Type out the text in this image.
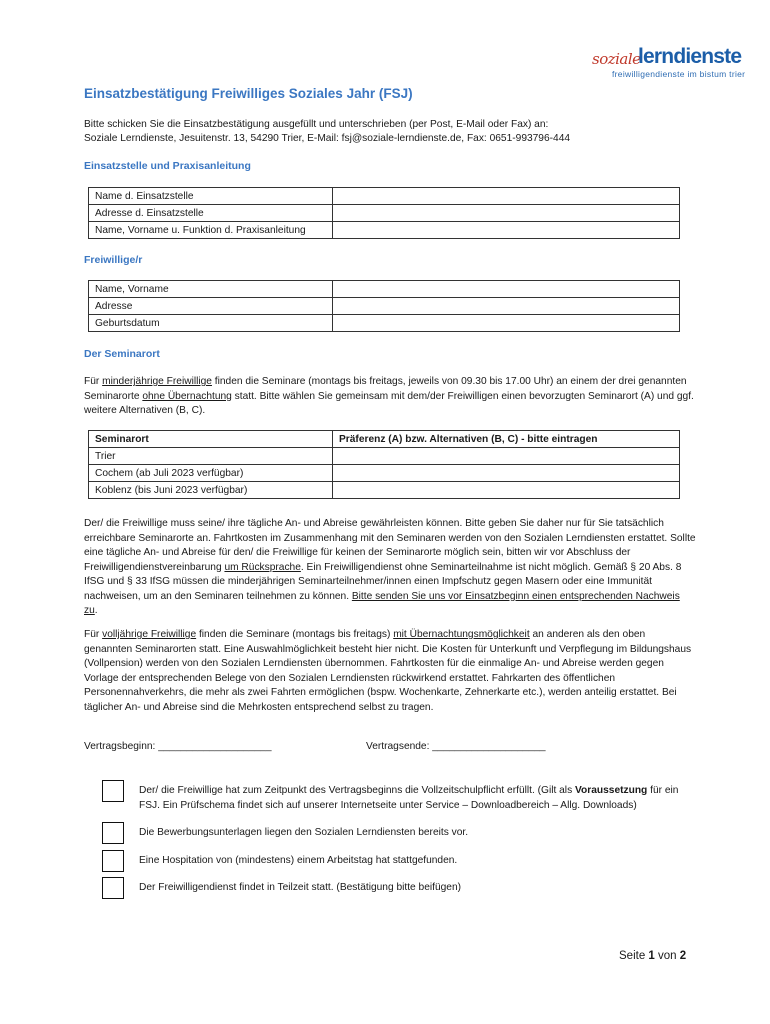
soziale
lerndienste
freiwilligendienste im bistum trier
Einsatzbestätigung Freiwilliges Soziales Jahr (FSJ)
Bitte schicken Sie die Einsatzbestätigung ausgefüllt und unterschrieben (per Post, E-Mail oder Fax) an:
Soziale Lerndienste, Jesuitenstr. 13, 54290 Trier, E-Mail: fsj@soziale-lerndienste.de, Fax: 0651-993796-444
Einsatzstelle und Praxisanleitung
Name d. Einsatzstelle	
Adresse d. Einsatzstelle	
Name, Vorname u. Funktion d. Praxisanleitung	
Freiwillige/r
Name, Vorname	
Adresse	
Geburtsdatum	
Der Seminarort
Für minderjährige Freiwillige finden die Seminare (montags bis freitags, jeweils von 09.30 bis 17.00 Uhr) an einem der drei genannten Seminarorte ohne Übernachtung statt. Bitte wählen Sie gemeinsam mit dem/der Freiwilligen einen bevorzugten Seminarort (A) und ggf. weitere Alternativen (B, C).
Seminarort	Präferenz (A) bzw. Alternativen (B, C) - bitte eintragen
Trier	
Cochem (ab Juli 2023 verfügbar)	
Koblenz (bis Juni 2023 verfügbar)	
Der/ die Freiwillige muss seine/ ihre tägliche An- und Abreise gewährleisten können. Bitte geben Sie daher nur für Sie tatsächlich erreichbare Seminarorte an. Fahrtkosten im Zusammenhang mit den Seminaren werden von den Sozialen Lerndiensten erstattet. Sollte eine tägliche An- und Abreise für den/ die Freiwillige für keinen der Seminarorte möglich sein, bitten wir vor Abschluss der Freiwilligendienstvereinbarung um Rücksprache. Ein Freiwilligendienst ohne Seminarteilnahme ist nicht möglich. Gemäß § 20 Abs. 8 IfSG und § 33 IfSG müssen die minderjährigen Seminarteilnehmer/innen einen Impfschutz gegen Masern oder eine Immunität nachweisen, um an den Seminaren teilnehmen zu können. Bitte senden Sie uns vor Einsatzbeginn einen entsprechenden Nachweis zu.
Für volljährige Freiwillige finden die Seminare (montags bis freitags) mit Übernachtungsmöglichkeit an anderen als den oben genannten Seminarorten statt. Eine Auswahlmöglichkeit besteht hier nicht. Die Kosten für Unterkunft und Verpflegung im Bildungshaus (Vollpension) werden von den Sozialen Lerndiensten übernommen. Fahrtkosten für die einmalige An- und Abreise werden gegen Vorlage der entsprechenden Belege von den Sozialen Lerndiensten rückwirkend erstattet. Fahrkarten des öffentlichen Personennahverkehrs, die mehr als zwei Fahrten ermöglichen (bspw. Wochenkarte, Zehnerkarte etc.), werden anteilig erstattet. Bei täglicher An- und Abreise sind die Mehrkosten entsprechend selbst zu tragen.
Vertragsbeginn: ____________________	Vertragsende: ____________________
Der/ die Freiwillige hat zum Zeitpunkt des Vertragsbeginns die Vollzeitschulpflicht erfüllt. (Gilt als Voraussetzung für ein FSJ. Ein Prüfschema findet sich auf unserer Internetseite unter Service – Downloadbereich – Allg. Downloads)
Die Bewerbungsunterlagen liegen den Sozialen Lerndiensten bereits vor.
Eine Hospitation von (mindestens) einem Arbeitstag hat stattgefunden.
Der Freiwilligendienst findet in Teilzeit statt. (Bestätigung bitte beifügen)
Seite 1 von 2
